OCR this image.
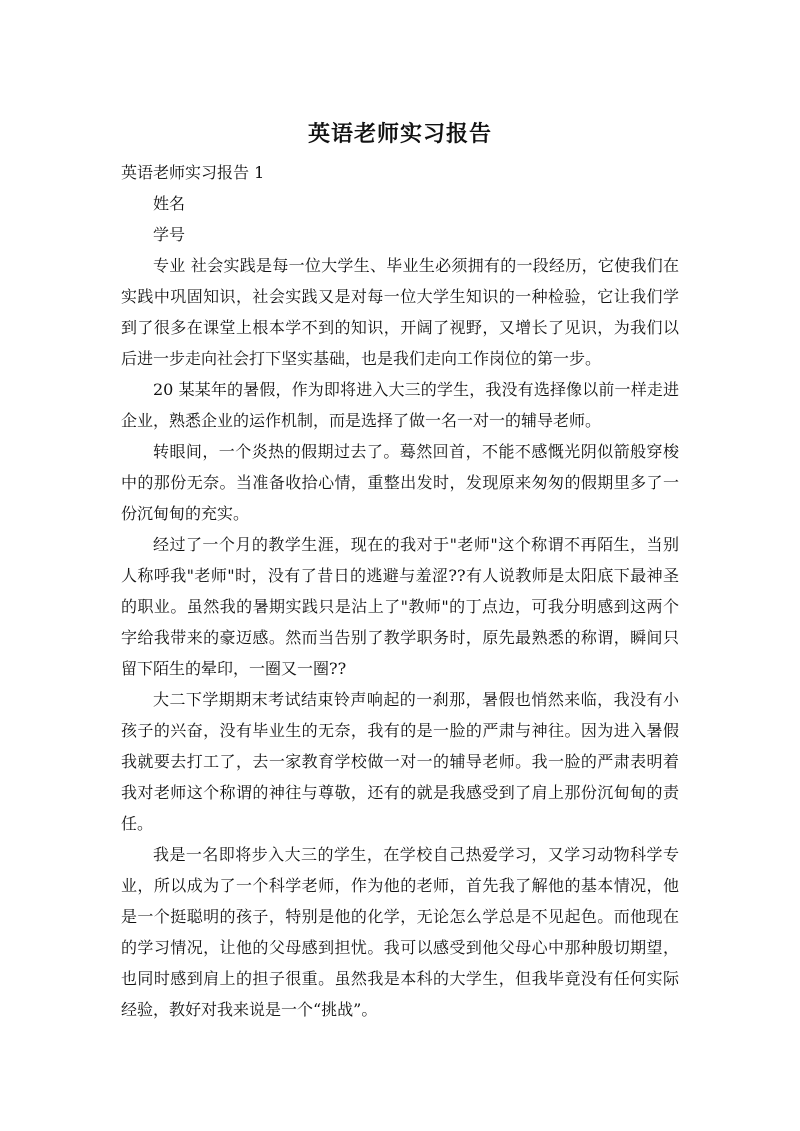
英语老师实习报告

英语老师实习报告 1

姓名

学号

专业 社会实践是每一位大学生、毕业生必须拥有的一段经历，它使我们在实践中巩固知识，社会实践又是对每一位大学生知识的一种检验，它让我们学到了很多在课堂上根本学不到的知识，开阔了视野，又增长了见识，为我们以后进一步走向社会打下坚实基础，也是我们走向工作岗位的第一步。

20 某某年的暑假，作为即将进入大三的学生，我没有选择像以前一样走进企业，熟悉企业的运作机制，而是选择了做一名一对一的辅导老师。

转眼间，一个炎热的假期过去了。蓦然回首，不能不感慨光阴似箭般穿梭中的那份无奈。当准备收拾心情，重整出发时，发现原来匆匆的假期里多了一份沉甸甸的充实。

经过了一个月的教学生涯，现在的我对于"老师"这个称谓不再陌生，当别人称呼我"老师"时，没有了昔日的逃避与羞涩??有人说教师是太阳底下最神圣的职业。虽然我的暑期实践只是沾上了"教师"的丁点边，可我分明感到这两个字给我带来的豪迈感。然而当告别了教学职务时，原先最熟悉的称谓，瞬间只留下陌生的晕印，一圈又一圈??

大二下学期期末考试结束铃声响起的一刹那，暑假也悄然来临，我没有小孩子的兴奋，没有毕业生的无奈，我有的是一脸的严肃与神往。因为进入暑假我就要去打工了，去一家教育学校做一对一的辅导老师。我一脸的严肃表明着我对老师这个称谓的神往与尊敬，还有的就是我感受到了肩上那份沉甸甸的责任。

我是一名即将步入大三的学生，在学校自己热爱学习，又学习动物科学专业，所以成为了一个科学老师，作为他的老师，首先我了解他的基本情况，他是一个挺聪明的孩子，特别是他的化学，无论怎么学总是不见起色。而他现在的学习情况，让他的父母感到担忧。我可以感受到他父母心中那种殷切期望，也同时感到肩上的担子很重。虽然我是本科的大学生，但我毕竟没有任何实际经验，教好对我来说是一个“挑战”。
